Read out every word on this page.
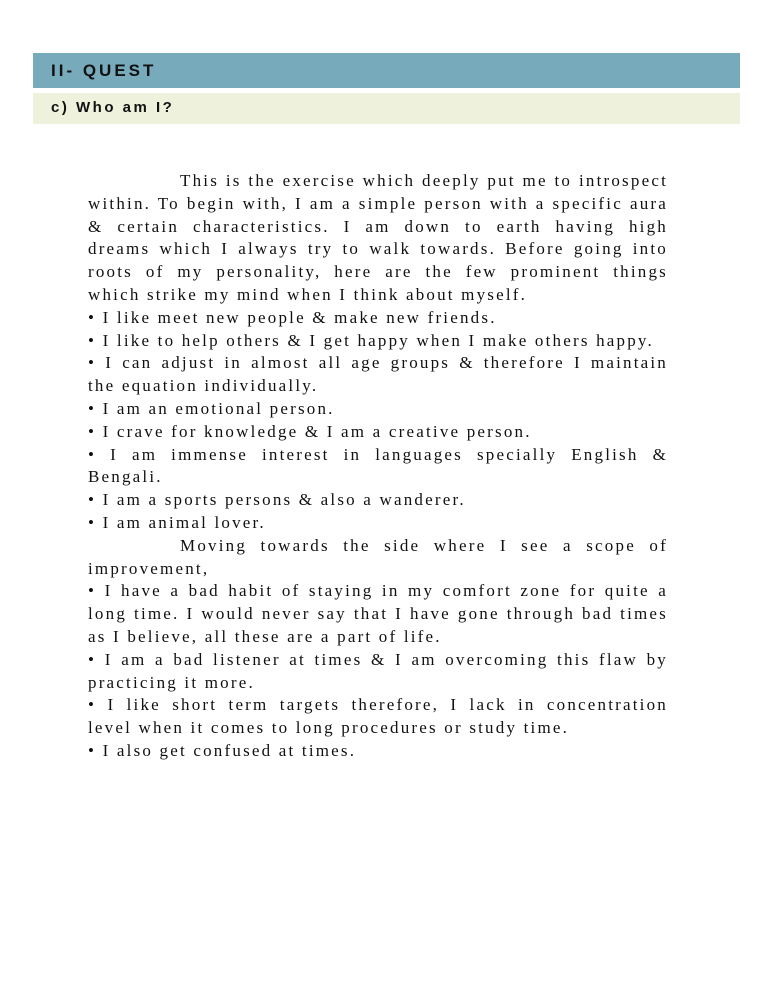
II- QUEST
c) Who am I?

This is the exercise which deeply put me to introspect within. To begin with, I am a simple person with a specific aura & certain characteristics. I am down to earth having high dreams which I always try to walk towards. Before going into roots of my personality, here are the few prominent things which strike my mind when I think about myself.

• I like meet new people & make new friends.

• I like to help others & I get happy when I make others happy.

• I can adjust in almost all age groups & therefore I maintain the equation individually.

• I am an emotional person.

• I crave for knowledge & I am a creative person.

• I am immense interest in languages specially English & Bengali.

• I am a sports persons & also a wanderer.

• I am animal lover.

Moving towards the side where I see a scope of improvement,

• I have a bad habit of staying in my comfort zone for quite a long time. I would never say that I have gone through bad times as I believe, all these are a part of life.

• I am a bad listener at times & I am overcoming this flaw by practicing it more.

• I like short term targets therefore, I lack in concentration level when it comes to long procedures or study time.

• I also get confused at times.
